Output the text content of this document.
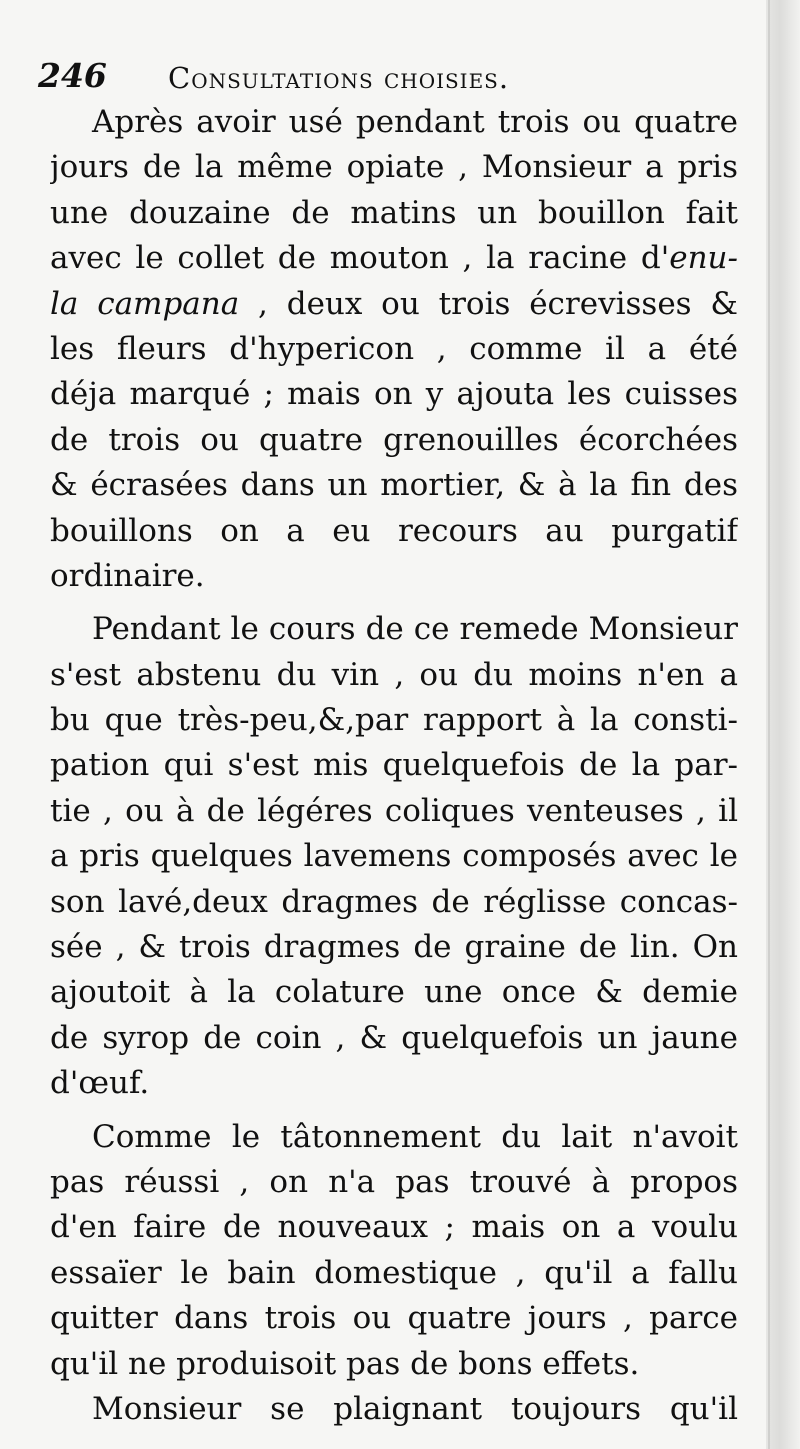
246 Consultations choisies.
Après avoir usé pendant trois ou quatre
jours de la même opiate , Monsieur a pris
une douzaine de matins un bouillon fait
avec le collet de mouton , la racine d'enu-
la campana , deux ou trois écrevisses &
les fleurs d'hypericon , comme il a été
déja marqué ; mais on y ajouta les cuisses
de trois ou quatre grenouilles écorchées
& écrasées dans un mortier, & à la fin des
bouillons on a eu recours au purgatif
ordinaire.
Pendant le cours de ce remede Monsieur
s'est abstenu du vin , ou du moins n'en a
bu que très-peu,&,par rapport à la consti-
pation qui s'est mis quelquefois de la par-
tie , ou à de légéres coliques venteuses , il
a pris quelques lavemens composés avec le
son lavé,deux dragmes de réglisse concas-
sée , & trois dragmes de graine de lin. On
ajoutoit à la colature une once & demie
de syrop de coin , & quelquefois un jaune
d'œuf.
Comme le tâtonnement du lait n'avoit
pas réussi , on n'a pas trouvé à propos
d'en faire de nouveaux ; mais on a voulu
essaïer le bain domestique , qu'il a fallu
quitter dans trois ou quatre jours , parce
qu'il ne produisoit pas de bons effets.
Monsieur se plaignant toujours qu'il
